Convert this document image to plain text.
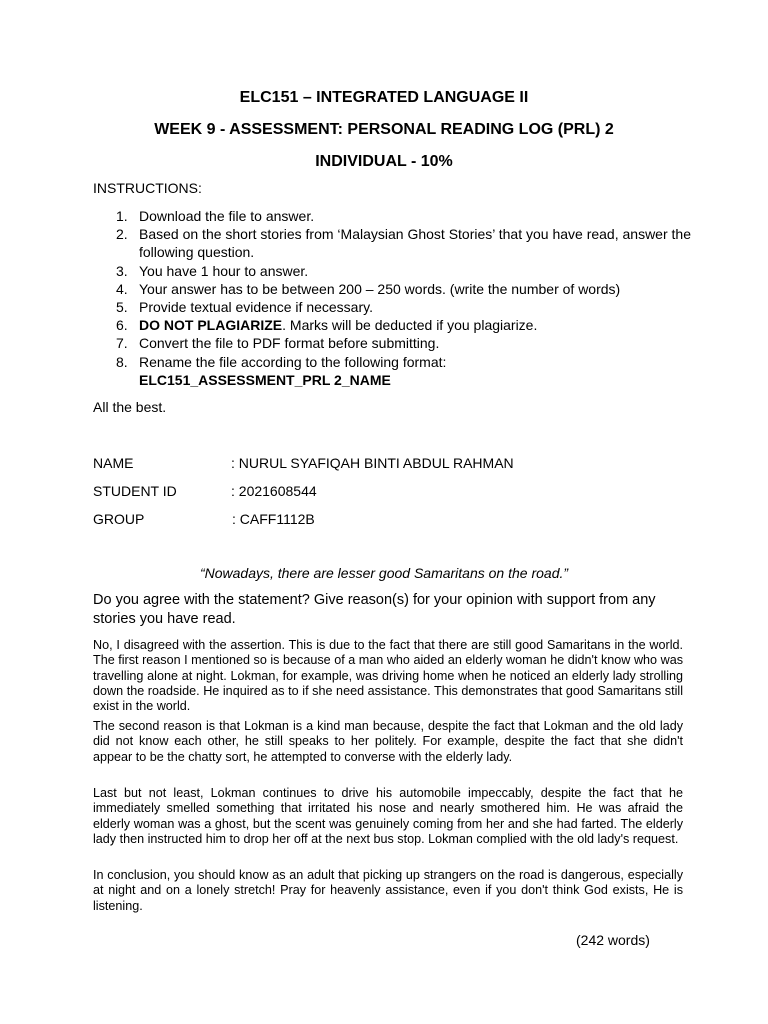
ELC151 – INTEGRATED LANGUAGE II
WEEK 9 - ASSESSMENT: PERSONAL READING LOG (PRL) 2
INDIVIDUAL - 10%
INSTRUCTIONS:
1. Download the file to answer.
2. Based on the short stories from ‘Malaysian Ghost Stories’ that you have read, answer the following question.
3. You have 1 hour to answer.
4. Your answer has to be between 200 – 250 words. (write the number of words)
5. Provide textual evidence if necessary.
6. DO NOT PLAGIARIZE. Marks will be deducted if you plagiarize.
7. Convert the file to PDF format before submitting.
8. Rename the file according to the following format:
ELC151_ASSESSMENT_PRL 2_NAME
All the best.
NAME	: NURUL SYAFIQAH BINTI ABDUL RAHMAN
STUDENT ID	: 2021608544
GROUP	: CAFF1112B
“Nowadays, there are lesser good Samaritans on the road.”
Do you agree with the statement? Give reason(s) for your opinion with support from any stories you have read.

No, I disagreed with the assertion. This is due to the fact that there are still good Samaritans in the world. The first reason I mentioned so is because of a man who aided an elderly woman he didn't know who was travelling alone at night. Lokman, for example, was driving home when he noticed an elderly lady strolling down the roadside. He inquired as to if she need assistance. This demonstrates that good Samaritans still exist in the world.

The second reason is that Lokman is a kind man because, despite the fact that Lokman and the old lady did not know each other, he still speaks to her politely. For example, despite the fact that she didn't appear to be the chatty sort, he attempted to converse with the elderly lady.

Last but not least, Lokman continues to drive his automobile impeccably, despite the fact that he immediately smelled something that irritated his nose and nearly smothered him. He was afraid the elderly woman was a ghost, but the scent was genuinely coming from her and she had farted. The elderly lady then instructed him to drop her off at the next bus stop. Lokman complied with the old lady's request.

In conclusion, you should know as an adult that picking up strangers on the road is dangerous, especially at night and on a lonely stretch! Pray for heavenly assistance, even if you don't think God exists, He is listening.

(242 words)
